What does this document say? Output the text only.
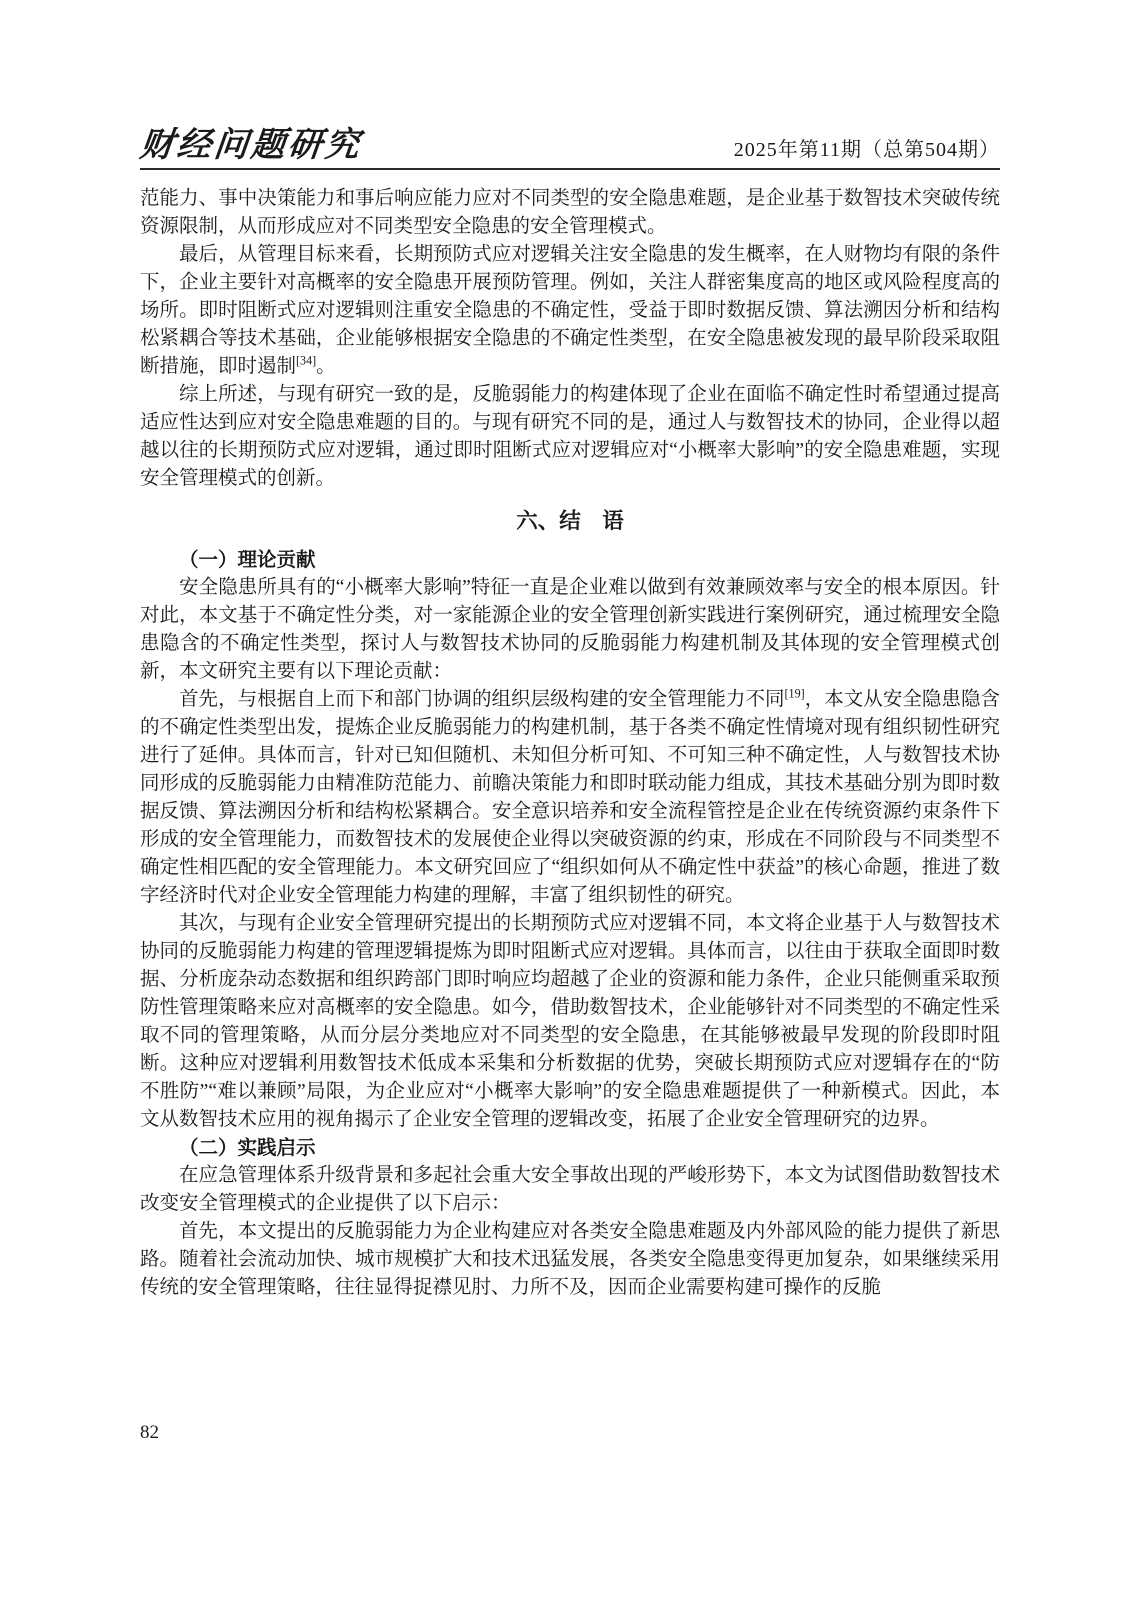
财经问题研究	2025年第11期（总第504期）

范能力、事中决策能力和事后响应能力应对不同类型的安全隐患难题，是企业基于数智技术突破传统资源限制，从而形成应对不同类型安全隐患的安全管理模式。

最后，从管理目标来看，长期预防式应对逻辑关注安全隐患的发生概率，在人财物均有限的条件下，企业主要针对高概率的安全隐患开展预防管理。例如，关注人群密集度高的地区或风险程度高的场所。即时阻断式应对逻辑则注重安全隐患的不确定性，受益于即时数据反馈、算法溯因分析和结构松紧耦合等技术基础，企业能够根据安全隐患的不确定性类型，在安全隐患被发现的最早阶段采取阻断措施，即时遏制[34]。

综上所述，与现有研究一致的是，反脆弱能力的构建体现了企业在面临不确定性时希望通过提高适应性达到应对安全隐患难题的目的。与现有研究不同的是，通过人与数智技术的协同，企业得以超越以往的长期预防式应对逻辑，通过即时阻断式应对逻辑应对“小概率大影响”的安全隐患难题，实现安全管理模式的创新。

六、结　语
（一）理论贡献

安全隐患所具有的“小概率大影响”特征一直是企业难以做到有效兼顾效率与安全的根本原因。针对此，本文基于不确定性分类，对一家能源企业的安全管理创新实践进行案例研究，通过梳理安全隐患隐含的不确定性类型，探讨人与数智技术协同的反脆弱能力构建机制及其体现的安全管理模式创新，本文研究主要有以下理论贡献：

首先，与根据自上而下和部门协调的组织层级构建的安全管理能力不同[19]，本文从安全隐患隐含的不确定性类型出发，提炼企业反脆弱能力的构建机制，基于各类不确定性情境对现有组织韧性研究进行了延伸。具体而言，针对已知但随机、未知但分析可知、不可知三种不确定性，人与数智技术协同形成的反脆弱能力由精准防范能力、前瞻决策能力和即时联动能力组成，其技术基础分别为即时数据反馈、算法溯因分析和结构松紧耦合。安全意识培养和安全流程管控是企业在传统资源约束条件下形成的安全管理能力，而数智技术的发展使企业得以突破资源的约束，形成在不同阶段与不同类型不确定性相匹配的安全管理能力。本文研究回应了“组织如何从不确定性中获益”的核心命题，推进了数字经济时代对企业安全管理能力构建的理解，丰富了组织韧性的研究。

其次，与现有企业安全管理研究提出的长期预防式应对逻辑不同，本文将企业基于人与数智技术协同的反脆弱能力构建的管理逻辑提炼为即时阻断式应对逻辑。具体而言，以往由于获取全面即时数据、分析庞杂动态数据和组织跨部门即时响应均超越了企业的资源和能力条件，企业只能侧重采取预防性管理策略来应对高概率的安全隐患。如今，借助数智技术，企业能够针对不同类型的不确定性采取不同的管理策略，从而分层分类地应对不同类型的安全隐患，在其能够被最早发现的阶段即时阻断。这种应对逻辑利用数智技术低成本采集和分析数据的优势，突破长期预防式应对逻辑存在的“防不胜防”“难以兼顾”局限，为企业应对“小概率大影响”的安全隐患难题提供了一种新模式。因此，本文从数智技术应用的视角揭示了企业安全管理的逻辑改变，拓展了企业安全管理研究的边界。

（二）实践启示

在应急管理体系升级背景和多起社会重大安全事故出现的严峻形势下，本文为试图借助数智技术改变安全管理模式的企业提供了以下启示：

首先，本文提出的反脆弱能力为企业构建应对各类安全隐患难题及内外部风险的能力提供了新思路。随着社会流动加快、城市规模扩大和技术迅猛发展，各类安全隐患变得更加复杂，如果继续采用传统的安全管理策略，往往显得捉襟见肘、力所不及，因而企业需要构建可操作的反脆

82
